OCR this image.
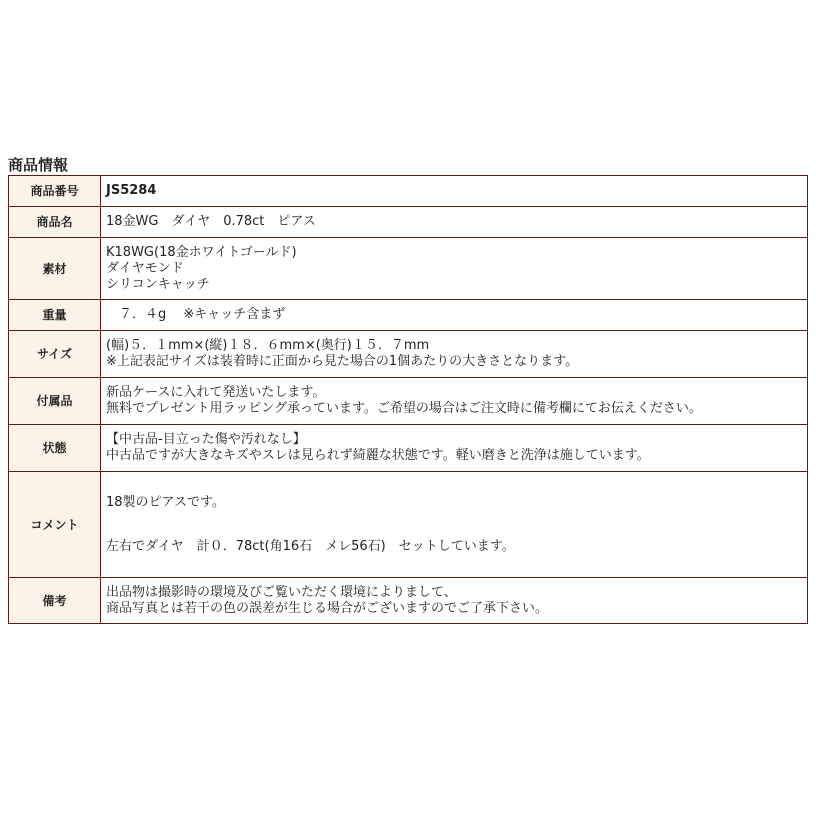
商品情報
商品番号	JS5284
商品名	18金WG　ダイヤ　0.78ct　ピアス
素材	K18WG(18金ホワイトゴールド)
ダイヤモンド
シリコンキャッチ
重量	　７．４g　 ※キャッチ含まず
サイズ	(幅)５．１mm×(縦)１８．６mm×(奥行)１５．７mm
※上記表記サイズは装着時に正面から見た場合の1個あたりの大きさとなります。
付属品	新品ケースに入れて発送いたします。
無料でプレゼント用ラッピング承っています。ご希望の場合はご注文時に備考欄にてお伝えください。
状態	【中古品-目立った傷や汚れなし】
中古品ですが大きなキズやスレは見られず綺麗な状態です。軽い磨きと洗浄は施しています。
コメント	18製のピアスです。

左右でダイヤ　計０．78ct(角16石　メレ56石)　セットしています。
備考	出品物は撮影時の環境及びご覧いただく環境によりまして、
商品写真とは若干の色の誤差が生じる場合がございますのでご了承下さい。
